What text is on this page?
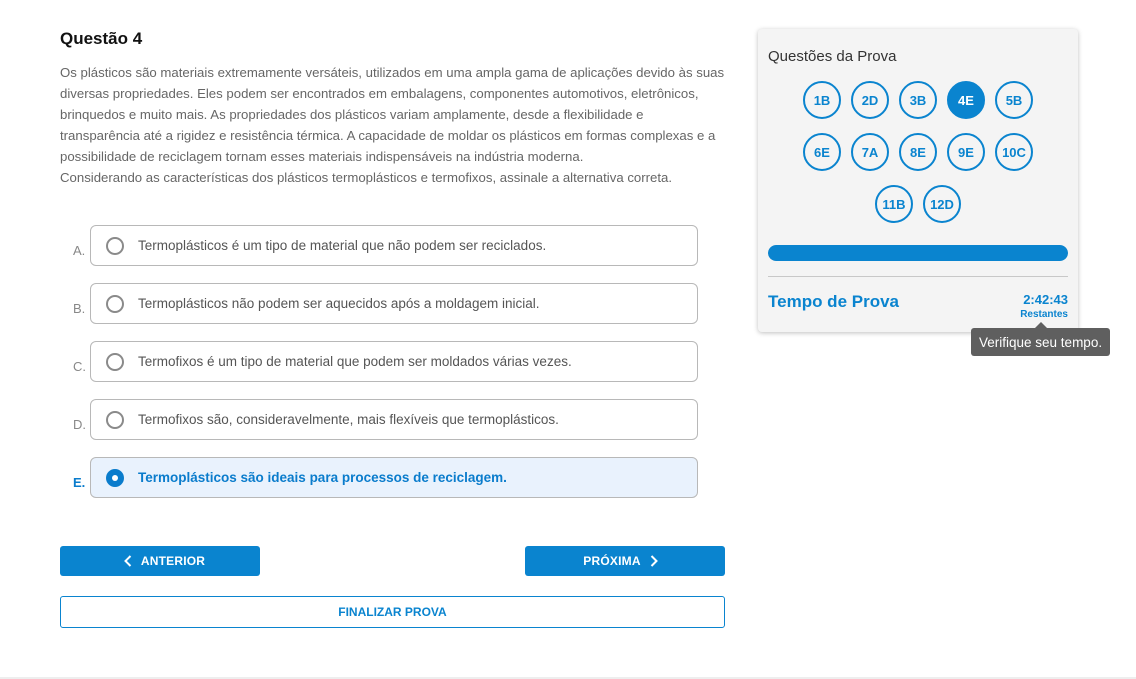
Questão 4

Os plásticos são materiais extremamente versáteis, utilizados em uma ampla gama de aplicações devido às suas diversas propriedades. Eles podem ser encontrados em embalagens, componentes automotivos, eletrônicos, brinquedos e muito mais. As propriedades dos plásticos variam amplamente, desde a flexibilidade e transparência até a rigidez e resistência térmica. A capacidade de moldar os plásticos em formas complexas e a possibilidade de reciclagem tornam esses materiais indispensáveis na indústria moderna.

Considerando as características dos plásticos termoplásticos e termofixos, assinale a alternativa correta.

A.	Termoplásticos é um tipo de material que não podem ser reciclados.
B.	Termoplásticos não podem ser aquecidos após a moldagem inicial.
C.	Termofixos é um tipo de material que podem ser moldados várias vezes.
D.	Termofixos são, consideravelmente, mais flexíveis que termoplásticos.
E.	Termoplásticos são ideais para processos de reciclagem.
ANTERIOR	PRÓXIMA
FINALIZAR PROVA
Questões da Prova
1B	2D	3B	4E	5B
6E	7A	8E	9E	10C
11B	12D
Tempo de Prova	2:42:43
Restantes
Verifique seu tempo.
